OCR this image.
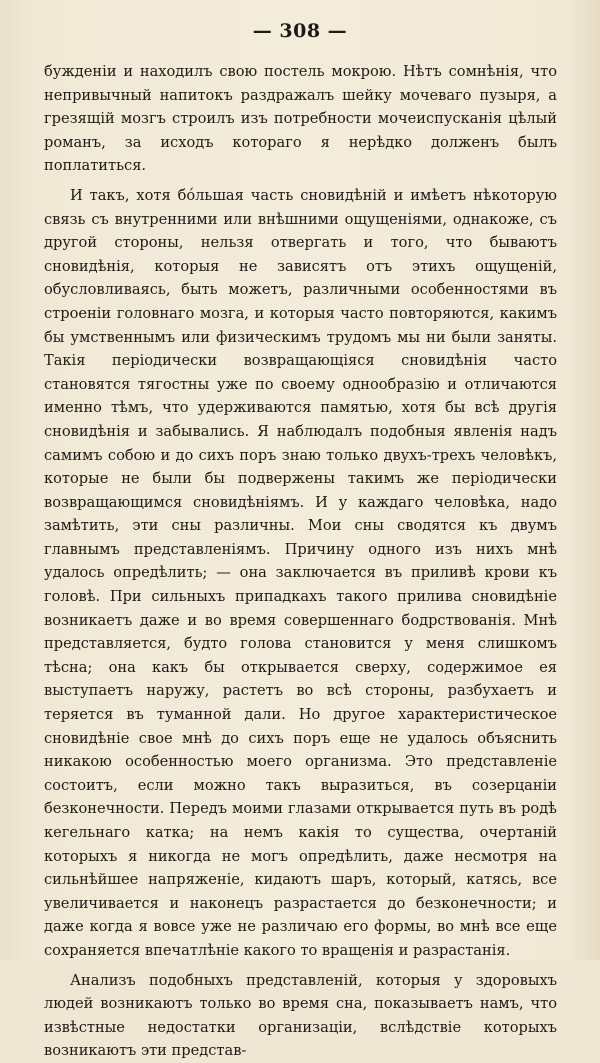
— 308 —

бужденіи и находилъ свою постель мокрою. Нѣтъ сомнѣнія, что непривычный напитокъ раздражалъ шейку мочеваго пузыря, а грезящій мозгъ строилъ изъ потребности мочеиспусканія цѣлый романъ, за исходъ котораго я нерѣдко долженъ былъ поплатиться.

И такъ, хотя бóльшая часть сновидѣній и имѣетъ нѣкоторую связь съ внутренними или внѣшними ощущеніями, однакоже, съ другой стороны, нельзя отвергать и того, что бываютъ сновидѣнія, которыя не зависятъ отъ этихъ ощущеній, обусловливаясь, быть можетъ, различными особенностями въ строеніи головнаго мозга, и которыя часто повторяются, какимъ бы умственнымъ или физическимъ трудомъ мы ни были заняты. Такія періодически возвращающіяся сновидѣнія часто становятся тягостны уже по своему однообразію и отличаются именно тѣмъ, что удерживаются памятью, хотя бы всѣ другія сновидѣнія и забывались. Я наблюдалъ подобныя явленія надъ самимъ собою и до сихъ поръ знаю только двухъ-трехъ человѣкъ, которые не были бы подвержены такимъ же періодически возвращающимся сновидѣніямъ. И у каждаго человѣка, надо замѣтить, эти сны различны. Мои сны сводятся къ двумъ главнымъ представленіямъ. Причину одного изъ нихъ мнѣ удалось опредѣлить; — она заключается въ приливѣ крови къ головѣ. При сильныхъ припадкахъ такого прилива сновидѣніе возникаетъ даже и во время совершеннаго бодрствованія. Мнѣ представляется, будто голова становится у меня слишкомъ тѣсна; она какъ бы открывается сверху, содержимое ея выступаетъ наружу, растетъ во всѣ стороны, разбухаетъ и теряется въ туманной дали. Но другое характеристическое сновидѣніе свое мнѣ до сихъ поръ еще не удалось объяснить никакою особенностью моего организма. Это представленіе состоитъ, если можно такъ выразиться, въ созерцаніи безконечности. Передъ моими глазами открывается путь въ родѣ кегельнаго катка; на немъ какія то существа, очертаній которыхъ я никогда не могъ опредѣлить, даже несмотря на сильнѣйшее напряженіе, кидаютъ шаръ, который, катясь, все увеличивается и наконецъ разрастается до безконечности; и даже когда я вовсе уже не различаю его формы, во мнѣ все еще сохраняется впечатлѣніе какого то вращенія и разрастанія.

Анализъ подобныхъ представленій, которыя у здоровыхъ людей возникаютъ только во время сна, показываетъ намъ, что извѣстные недостатки организаціи, вслѣдствіе которыхъ возникаютъ эти представ-
